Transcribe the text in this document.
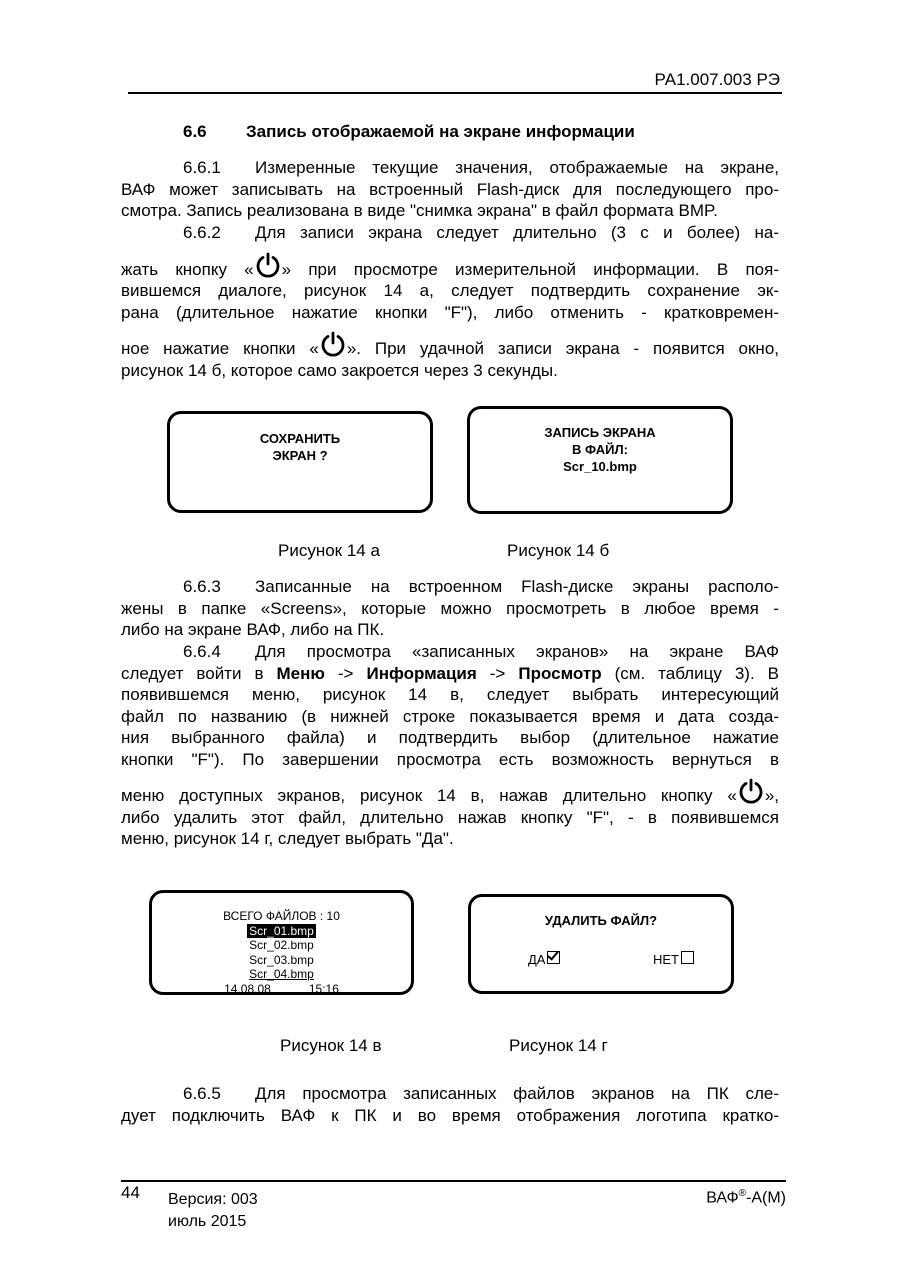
РА1.007.003 РЭ
6.6 Запись отображаемой на экране информации
6.6.1 Измеренные текущие значения, отображаемые на экране,
ВАФ может записывать на встроенный Flash-диск для последующего про-
смотра. Запись реализована в виде "снимка экрана" в файл формата BMP.
6.6.2 Для записи экрана следует длительно (3 с и более) на-
жать кнопку « » при просмотре измерительной информации. В поя-
вившемся диалоге, рисунок 14 а, следует подтвердить сохранение эк-
рана (длительное нажатие кнопки "F"), либо отменить - кратковремен-
ное нажатие кнопки « ». При удачной записи экрана - появится окно,
рисунок 14 б, которое само закроется через 3 секунды.
СОХРАНИТЬ
ЭКРАН ?
Рисунок 14 а
ЗАПИСЬ ЭКРАНА
В ФАЙЛ:
Scr_10.bmp
Рисунок 14 б
6.6.3 Записанные на встроенном Flash-диске экраны располо-
жены в папке «Screens», которые можно просмотреть в любое время -
либо на экране ВАФ, либо на ПК.
6.6.4 Для просмотра «записанных экранов» на экране ВАФ
следует войти в Меню -> Информация -> Просмотр (см. таблицу 3). В
появившемся меню, рисунок 14 в, следует выбрать интересующий
файл по названию (в нижней строке показывается время и дата созда-
ния выбранного файла) и подтвердить выбор (длительное нажатие
кнопки "F"). По завершении просмотра есть возможность вернуться в
меню доступных экранов, рисунок 14 в, нажав длительно кнопку « »,
либо удалить этот файл, длительно нажав кнопку "F", - в появившемся
меню, рисунок 14 г, следует выбрать "Да".
ВСЕГО ФАЙЛОВ : 10
Scr_01.bmp
Scr_02.bmp
Scr_03.bmp
Scr_04.bmp
14.08.08	15:16
Рисунок 14 в
УДАЛИТЬ ФАЙЛ?
ДА	НЕТ
Рисунок 14 г
6.6.5 Для просмотра записанных файлов экранов на ПК сле-
дует подключить ВАФ к ПК и во время отображения логотипа кратко-
44 Версия: 003
июль 2015
ВАФ®-А(М)
